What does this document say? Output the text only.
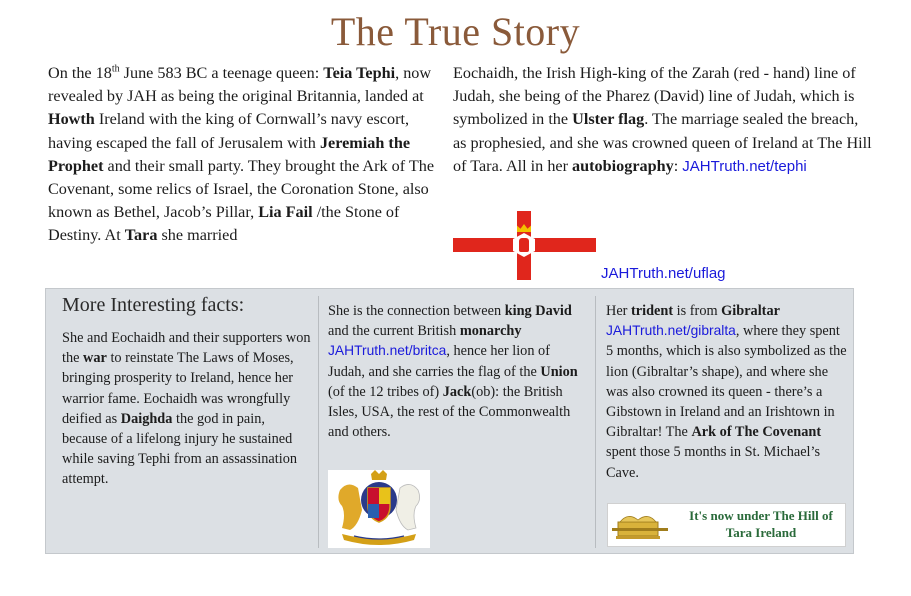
The True Story
On the 18th June 583 BC a teenage queen: Teia Tephi, now revealed by JAH as being the original Britannia, landed at Howth Ireland with the king of Cornwall’s navy escort, having escaped the fall of Jerusalem with Jeremiah the Prophet and their small party. They brought the Ark of The Covenant, some relics of Israel, the Coronation Stone, also known as Bethel, Jacob’s Pillar, Lia Fail /the Stone of Destiny. At Tara she married
Eochaidh, the Irish High-king of the Zarah (red - hand) line of Judah, she being of the Pharez (David) line of Judah, which is symbolized in the Ulster flag. The marriage sealed the breach, as prophesied, and she was crowned queen of Ireland at The Hill of Tara. All in her autobiography: JAHTruth.net/tephi
JAHTruth.net/uflag
More Interesting facts:
She and Eochaidh and their supporters won the war to reinstate The Laws of Moses, bringing prosperity to Ireland, hence her warrior fame. Eochaidh was wrongfully deified as Daighda the god in pain, because of a lifelong injury he sustained while saving Tephi from an assassination attempt.
She is the connection between king David and the current British monarchy JAHTruth.net/britca, hence her lion of Judah, and she carries the flag of the Union (of the 12 tribes of) Jack(ob): the British Isles, USA, the rest of the Commonwealth and others.
Her trident is from Gibraltar JAHTruth.net/gibralta, where they spent 5 months, which is also symbolized as the lion (Gibraltar’s shape), and where she was also crowned its queen - there’s a Gibstown in Ireland and an Irishtown in Gibraltar! The Ark of The Covenant spent those 5 months in St. Michael’s Cave.
It's now under The Hill of Tara Ireland
